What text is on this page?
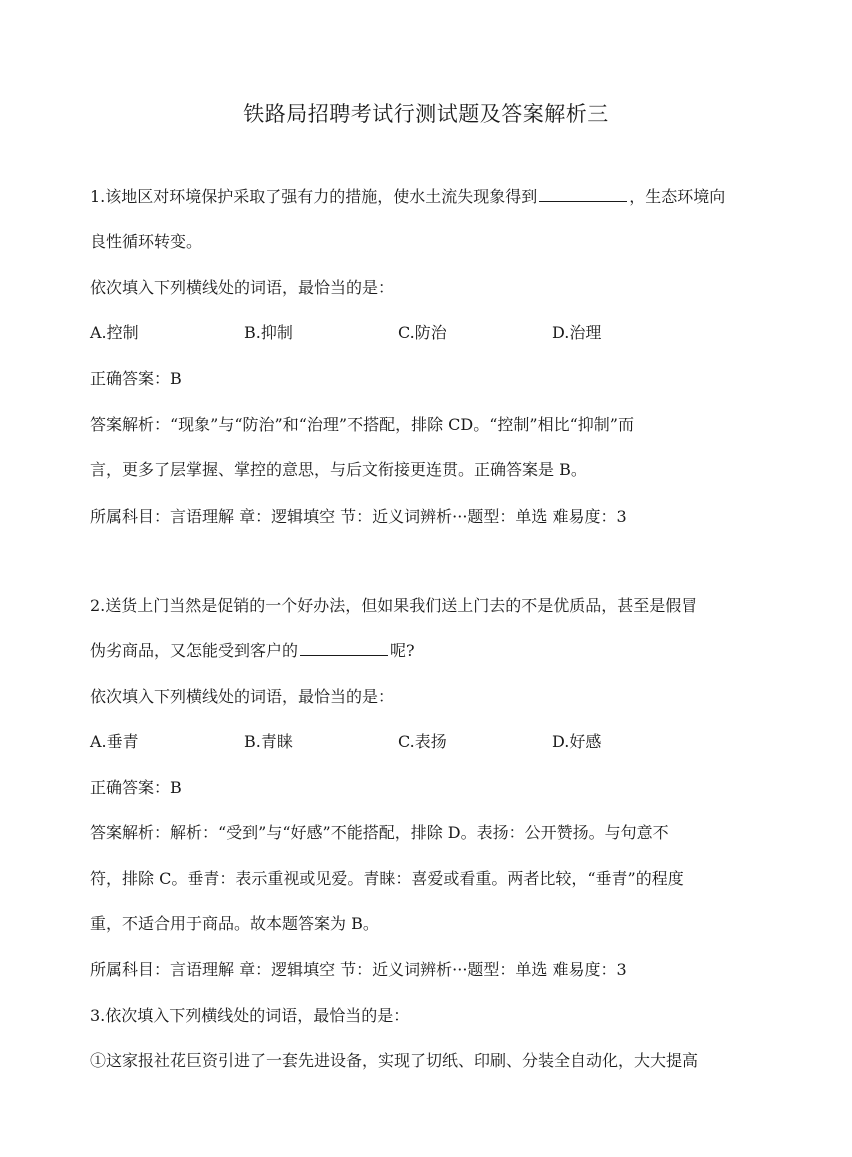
铁路局招聘考试行测试题及答案解析三
1.该地区对环境保护采取了强有力的措施，使水土流失现象得到	，生态环境向
良性循环转变。
依次填入下列横线处的词语，最恰当的是：
A.控制	B.抑制	C.防治	D.治理
正确答案：B
答案解析：“现象”与“防治”和“治理”不搭配，排除 CD。“控制”相比“抑制”而
言，更多了层掌握、掌控的意思，与后文衔接更连贯。正确答案是 B。
所属科目：言语理解 章：逻辑填空 节：近义词辨析···题型：单选 难易度：3
2.送货上门当然是促销的一个好办法，但如果我们送上门去的不是优质品，甚至是假冒
伪劣商品，又怎能受到客户的	呢?
依次填入下列横线处的词语，最恰当的是：
A.垂青	B.青睐	C.表扬	D.好感
正确答案：B
答案解析：解析：“受到”与“好感”不能搭配，排除 D。表扬：公开赞扬。与句意不
符，排除 C。垂青：表示重视或见爱。青睐：喜爱或看重。两者比较，“垂青”的程度
重，不适合用于商品。故本题答案为 B。
所属科目：言语理解 章：逻辑填空 节：近义词辨析···题型：单选 难易度：3
3.依次填入下列横线处的词语，最恰当的是：
①这家报社花巨资引进了一套先进设备，实现了切纸、印刷、分装全自动化，大大提高
